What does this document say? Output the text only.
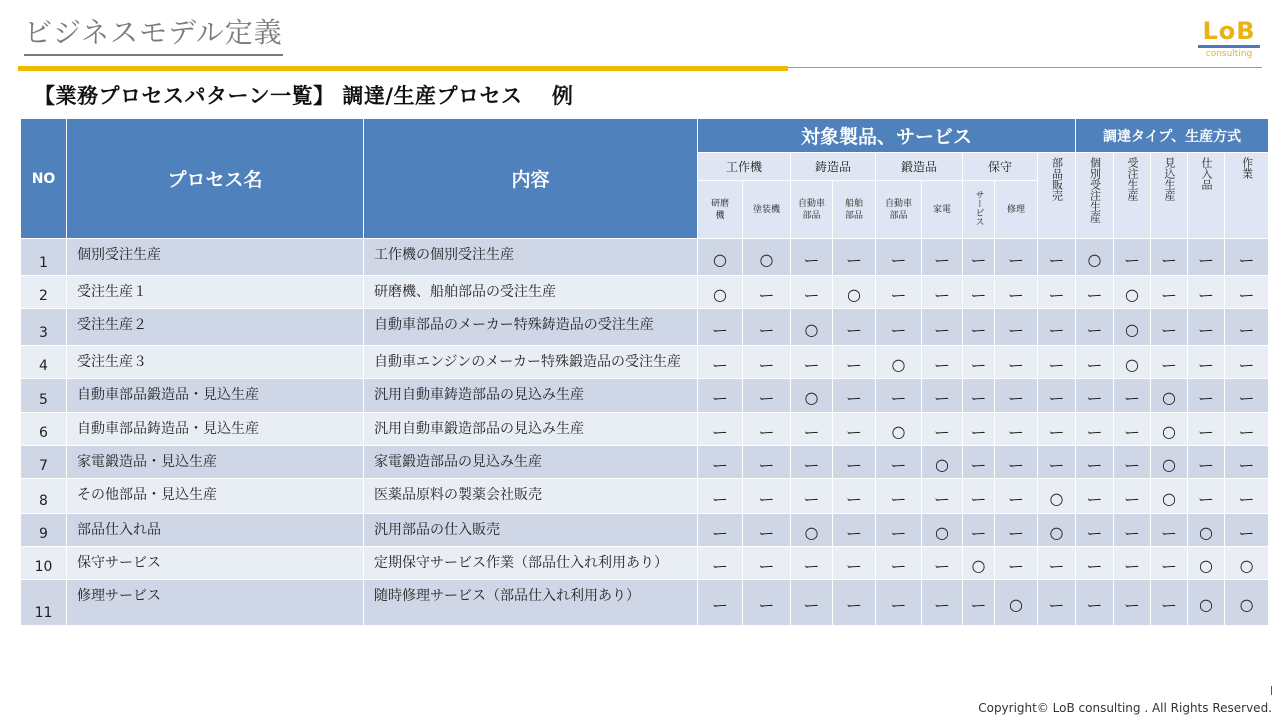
ビジネスモデル定義	LoB
consulting
【業務プロセスパターン一覧】 調達/生産プロセス　 例
NO	プロセス名	内容	対象製品、サービス									調達タイプ、生産方式				
			工作機		鋳造品		鍛造品		保守		部品販売	個別受注生産	受注生産	見込生産	仕入品	作業
			研磨機	塗装機	自動車部品	船舶部品	自動車部品	家電	サービス	修理						
1	個別受注生産	工作機の個別受注生産	○	○	ー	ー	ー	ー	ー	ー	ー	○	ー	ー	ー	ー
2	受注生産１	研磨機、船舶部品の受注生産	○	ー	ー	○	ー	ー	ー	ー	ー	ー	○	ー	ー	ー
3	受注生産２	自動車部品のメーカー特殊鋳造品の受注生産	ー	ー	○	ー	ー	ー	ー	ー	ー	ー	○	ー	ー	ー
4	受注生産３	自動車エンジンのメーカー特殊鍛造品の受注生産	ー	ー	ー	ー	○	ー	ー	ー	ー	ー	○	ー	ー	ー
5	自動車部品鍛造品・見込生産	汎用自動車鋳造部品の見込み生産	ー	ー	○	ー	ー	ー	ー	ー	ー	ー	ー	○	ー	ー
6	自動車部品鋳造品・見込生産	汎用自動車鍛造部品の見込み生産	ー	ー	ー	ー	○	ー	ー	ー	ー	ー	ー	○	ー	ー
7	家電鍛造品・見込生産	家電鍛造部品の見込み生産	ー	ー	ー	ー	ー	○	ー	ー	ー	ー	ー	○	ー	ー
8	その他部品・見込生産	医薬品原料の製薬会社販売	ー	ー	ー	ー	ー	ー	ー	ー	○	ー	ー	○	ー	ー
9	部品仕入れ品	汎用部品の仕入販売	ー	ー	○	ー	ー	○	ー	ー	○	ー	ー	ー	○	ー
10	保守サービス	定期保守サービス作業（部品仕入れ利用あり）	ー	ー	ー	ー	ー	ー	○	ー	ー	ー	ー	ー	○	○
11	修理サービス	随時修理サービス（部品仕入れ利用あり）	ー	ー	ー	ー	ー	ー	ー	○	ー	ー	ー	ー	○	○
Copyright© LoB consulting . All Rights Reserved.
